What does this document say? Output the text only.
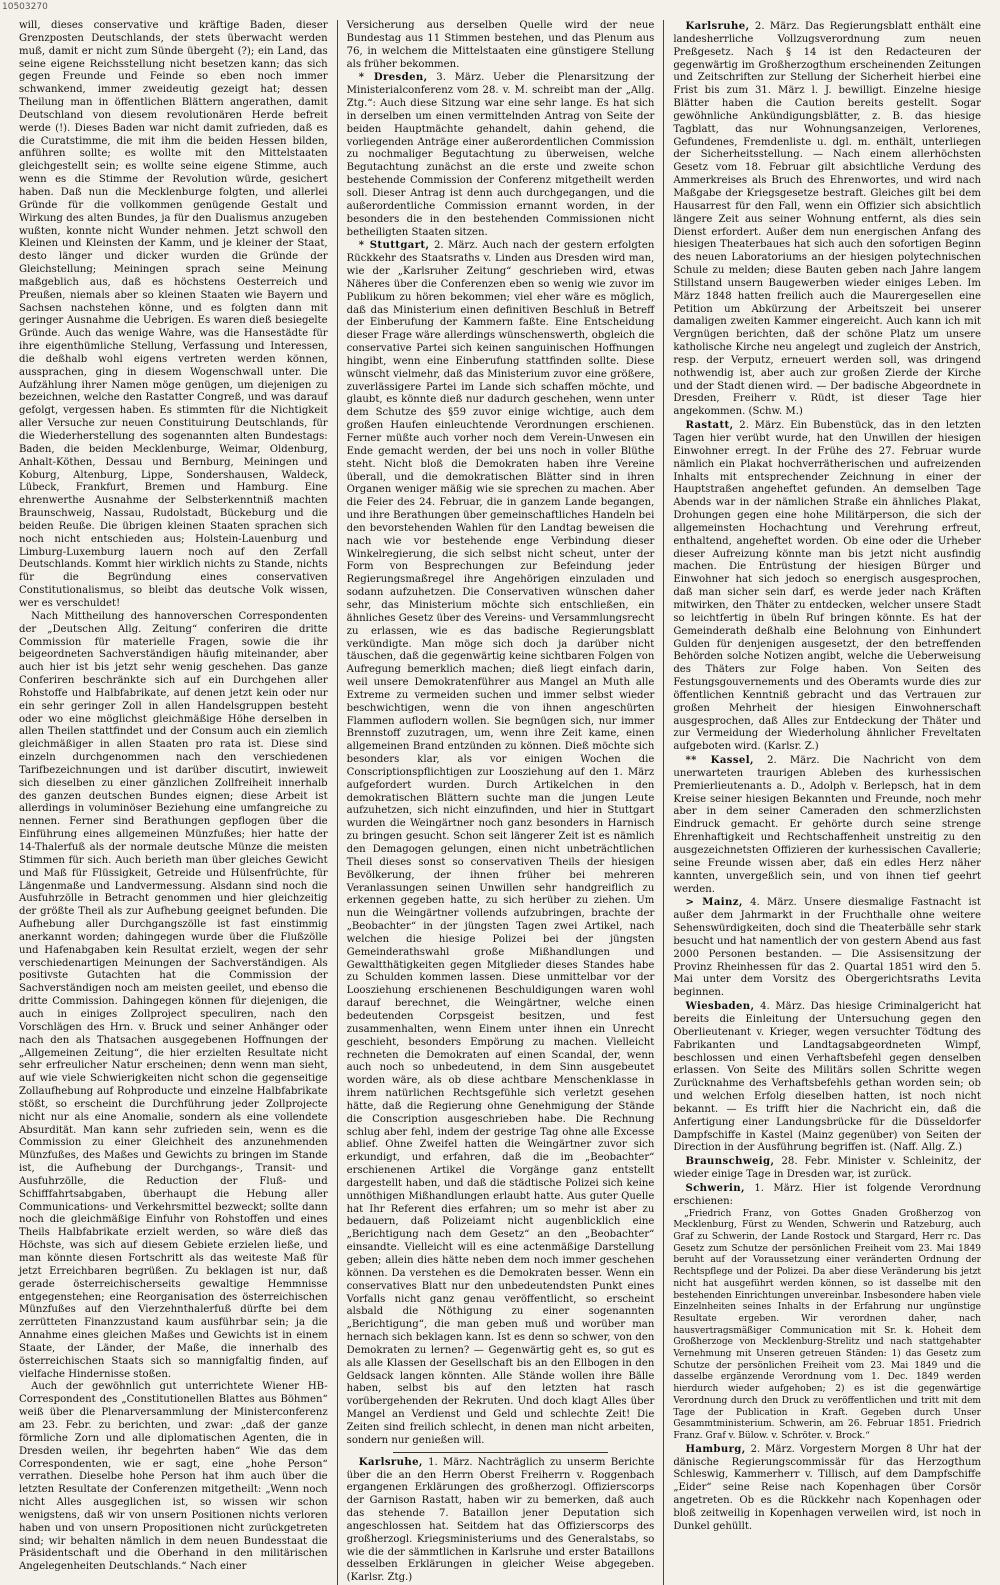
10503270

will, dieses conservative und kräftige Baden, dieser Grenzposten Deutschlands, der stets überwacht werden muß, damit er nicht zum Sünde übergeht (?); ein Land, das seine eigene Reichsstellung nicht besetzen kann; das sich gegen Freunde und Feinde so eben noch immer schwankend, immer zweideutig gezeigt hat; dessen Theilung man in öffentlichen Blättern angerathen, damit Deutschland von diesem revolutionären Herde befreit werde (!). Dieses Baden war nicht damit zufrieden, daß es die Curatstimme, die mit ihm die beiden Hessen bilden, anführen sollte; es wollte mit den Mittelstaaten gleichgestellt sein; es wollte seine eigene Stimme, auch wenn es die Stimme der Revolution würde, gesichert haben. Daß nun die Mecklenburge folgten, und allerlei Gründe für die vollkommen genügende Gestalt und Wirkung des alten Bundes, ja für den Dualismus anzugeben wußten, konnte nicht Wunder nehmen. Jetzt schwoll den Kleinen und Kleinsten der Kamm, und je kleiner der Staat, desto länger und dicker wurden die Gründe der Gleichstellung; Meiningen sprach seine Meinung maßgeblich aus, daß es höchstens Oesterreich und Preußen, niemals aber so kleinen Staaten wie Bayern und Sachsen nachstehen könne, und es folgten dann mit geringer Ausnahme die Uebrigen. Es waren dieß besiegelte Gründe. Auch das wenige Wahre, was die Hansestädte für ihre eigenthümliche Stellung, Verfassung und Interessen, die deßhalb wohl eigens vertreten werden können, aussprachen, ging in diesem Wogenschwall unter. Die Aufzählung ihrer Namen möge genügen, um diejenigen zu bezeichnen, welche den Rastatter Congreß, und was darauf gefolgt, vergessen haben. Es stimmten für die Nichtigkeit aller Versuche zur neuen Constituirung Deutschlands, für die Wiederherstellung des sogenannten alten Bundestags: Baden, die beiden Mecklenburge, Weimar, Oldenburg, Anhalt-Köthen, Dessau und Bernburg, Meiningen und Koburg, Altenburg, Lippe, Sondershausen, Waldeck, Lübeck, Frankfurt, Bremen und Hamburg. Eine ehrenwerthe Ausnahme der Selbsterkenntniß machten Braunschweig, Nassau, Rudolstadt, Bückeburg und die beiden Reuße. Die übrigen kleinen Staaten sprachen sich noch nicht entschieden aus; Holstein-Lauenburg und Limburg-Luxemburg lauern noch auf den Zerfall Deutschlands. Kommt hier wirklich nichts zu Stande, nichts für die Begründung eines conservativen Constitutionalismus, so bleibt das deutsche Volk wissen, wer es verschuldet!

Nach Mittheilung des hannoverschen Correspondenten der „Deutschen Allg. Zeitung“ conferiren die dritte Commission für materielle Fragen, sowie die ihr beigeordneten Sachverständigen häufig miteinander, aber auch hier ist bis jetzt sehr wenig geschehen. Das ganze Conferiren beschränkte sich auf ein Durchgehen aller Rohstoffe und Halbfabrikate, auf denen jetzt kein oder nur ein sehr geringer Zoll in allen Handelsgruppen besteht oder wo eine möglichst gleichmäßige Höhe derselben in allen Theilen stattfindet und der Consum auch ein ziemlich gleichmäßiger in allen Staaten pro rata ist. Diese sind einzeln durchgenommen nach den verschiedenen Tarifbezeichnungen und ist darüber discutirt, inwieweit sich dieselben zu einer gänzlichen Zollfreiheit innerhalb des ganzen deutschen Bundes eignen; diese Arbeit ist allerdings in voluminöser Beziehung eine umfangreiche zu nennen. Ferner sind Berathungen gepflogen über die Einführung eines allgemeinen Münzfußes; hier hatte der 14-Thalerfuß als der normale deutsche Münze die meisten Stimmen für sich. Auch berieth man über gleiches Gewicht und Maß für Flüssigkeit, Getreide und Hülsenfrüchte, für Längenmaße und Landvermessung. Alsdann sind noch die Ausfuhrzölle in Betracht genommen und hier gleichzeitig der größte Theil als zur Aufhebung geeignet befunden. Die Aufhebung aller Durchgangszölle ist fast einstimmig anerkannt worden; dahingegen wurde über die Flußzölle und Hafenabgaben kein Resultat erzielt, wegen der sehr verschiedenartigen Meinungen der Sachverständigen. Als positivste Gutachten hat die Commission der Sachverständigen noch am meisten geeilet, und ebenso die dritte Commission. Dahingegen können für diejenigen, die auch in einiges Zollproject speculiren, nach den Vorschlägen des Hrn. v. Bruck und seiner Anhänger oder nach den als Thatsachen ausgegebenen Hoffnungen der „Allgemeinen Zeitung“, die hier erzielten Resultate nicht sehr erfreulicher Natur erscheinen; denn wenn man sieht, auf wie viele Schwierigkeiten nicht schon die gegenseitige Zollaufhebung auf Rohproducte und einzelne Halbfabrikate stößt, so erscheint die Durchführung jeder Zollprojecte nicht nur als eine Anomalie, sondern als eine vollendete Absurdität. Man kann sehr zufrieden sein, wenn es die Commission zu einer Gleichheit des anzunehmenden Münzfußes, des Maßes und Gewichts zu bringen im Stande ist, die Aufhebung der Durchgangs-, Transit- und Ausfuhrzölle, die Reduction der Fluß- und Schifffahrtsabgaben, überhaupt die Hebung aller Communications- und Verkehrsmittel bezweckt; sollte dann noch die gleichmäßige Einfuhr von Rohstoffen und eines Theils Halbfabrikate erzielt werden, so wäre dieß das Höchste, was sich auf diesem Gebiete erzielen ließe, und man könnte diesen Fortschritt als das weiteste Maß für jetzt Erreichbaren begrüßen. Zu beklagen ist nur, daß gerade österreichischerseits gewaltige Hemmnisse entgegenstehen; eine Reorganisation des österreichischen Münzfußes auf den Vierzehnthalerfuß dürfte bei dem zerrütteten Finanzzustand kaum ausführbar sein; ja die Annahme eines gleichen Maßes und Gewichts ist in einem Staate, der Länder, der Maße, die innerhalb des österreichischen Staats sich so mannigfaltig finden, auf vielfache Hindernisse stoßen.

Auch der gewöhnlich gut unterrichtete Wiener HB-Correspondent des „Constitutionellen Blattes aus Böhmen“ weiß über die Plenarversammlung der Ministerconferenz am 23. Febr. zu berichten, und zwar: „daß der ganze förmliche Zorn und alle diplomatischen Agenten, die in Dresden weilen, ihr begehrten haben“ Wie das dem Correspondenten, wie er sagt, eine „hohe Person“ verrathen. Dieselbe hohe Person hat ihm auch über die letzten Resultate der Conferenzen mitgetheilt: „Wenn noch nicht Alles ausgeglichen ist, so wissen wir schon wenigstens, daß wir von unsern Positionen nichts verloren haben und von unsern Propositionen nicht zurückgetreten sind; wir behalten nämlich in dem neuen Bundesstaat die Präsidentschaft und die Oberhand in den militärischen Angelegenheiten Deutschlands.“ Nach einer

Versicherung aus derselben Quelle wird der neue Bundestag aus 11 Stimmen bestehen, und das Plenum aus 76, in welchem die Mittelstaaten eine günstigere Stellung als früher bekommen.

* Dresden, 3. März. Ueber die Plenarsitzung der Ministerialconferenz vom 28. v. M. schreibt man der „Allg. Ztg.“: Auch diese Sitzung war eine sehr lange. Es hat sich in derselben um einen vermittelnden Antrag von Seite der beiden Hauptmächte gehandelt, dahin gehend, die vorliegenden Anträge einer außerordentlichen Commission zu nochmaliger Begutachtung zu überweisen, welche Begutachtung zunächst an die erste und zweite schon bestehende Commission der Conferenz mitgetheilt werden soll. Dieser Antrag ist denn auch durchgegangen, und die außerordentliche Commission ernannt worden, in der besonders die in den bestehenden Commissionen nicht betheiligten Staaten sitzen.

* Stuttgart, 2. März. Auch nach der gestern erfolgten Rückkehr des Staatsraths v. Linden aus Dresden wird man, wie der „Karlsruher Zeitung“ geschrieben wird, etwas Näheres über die Conferenzen eben so wenig wie zuvor im Publikum zu hören bekommen; viel eher wäre es möglich, daß das Ministerium einen definitiven Beschluß in Betreff der Einberufung der Kammern faßte. Eine Entscheidung dieser Frage wäre allerdings wünschenswerth, obgleich die conservative Partei sich keinen sanguinischen Hoffnungen hingibt, wenn eine Einberufung stattfinden sollte. Diese wünscht vielmehr, daß das Ministerium zuvor eine größere, zuverlässigere Partei im Lande sich schaffen möchte, und glaubt, es könnte dieß nur dadurch geschehen, wenn unter dem Schutze des §59 zuvor einige wichtige, auch dem großen Haufen einleuchtende Verordnungen erschienen. Ferner müßte auch vorher noch dem Verein-Unwesen ein Ende gemacht werden, der bei uns noch in voller Blüthe steht. Nicht bloß die Demokraten haben ihre Vereine überall, und die demokratischen Blätter sind in ihren Organen weniger mäßig wie sie sprechen zu machen. Aber die Feier des 24. Februar, die in ganzem Lande begangen, und ihre Berathungen über gemeinschaftliches Handeln bei den bevorstehenden Wahlen für den Landtag beweisen die nach wie vor bestehende enge Verbindung dieser Winkelregierung, die sich selbst nicht scheut, unter der Form von Besprechungen zur Befeindung jeder Regierungsmaßregel ihre Angehörigen einzuladen und sodann aufzuhetzen. Die Conservativen wünschen daher sehr, das Ministerium möchte sich entschließen, ein ähnliches Gesetz über des Vereins- und Versammlungsrecht zu erlassen, wie es das badische Regierungsblatt verkündigte. Man möge sich doch ja darüber nicht täuschen, daß die gegenwärtig keine sichtbaren Folgen von Aufregung bemerklich machen; dieß liegt einfach darin, weil unsere Demokratenführer aus Mangel an Muth alle Extreme zu vermeiden suchen und immer selbst wieder beschwichtigen, wenn die von ihnen angeschürten Flammen auflodern wollen. Sie begnügen sich, nur immer Brennstoff zuzutragen, um, wenn ihre Zeit kame, einen allgemeinen Brand entzünden zu können. Dieß möchte sich besonders klar, als vor einigen Wochen die Conscriptionspflichtigen zur Loosziehung auf den 1. März aufgefordert wurden. Durch Artikelchen in den demokratischen Blättern suchte man die jungen Leute aufzuhetzen, sich nicht einzufinden, und hier in Stuttgart wurden die Weingärtner noch ganz besonders in Harnisch zu bringen gesucht. Schon seit längerer Zeit ist es nämlich den Demagogen gelungen, einen nicht unbeträchtlichen Theil dieses sonst so conservativen Theils der hiesigen Bevölkerung, der ihnen früher bei mehreren Veranlassungen seinen Unwillen sehr handgreiflich zu erkennen gegeben hatte, zu sich herüber zu ziehen. Um nun die Weingärtner vollends aufzubringen, brachte der „Beobachter“ in der jüngsten Tagen zwei Artikel, nach welchen die hiesige Polizei bei der jüngsten Gemeinderathswahl große Mißhandlungen und Gewaltthätigkeiten gegen Mitglieder dieses Standes habe zu Schulden kommen lassen. Diese unmittelbar vor der Loosziehung erschienenen Beschuldigungen waren wohl darauf berechnet, die Weingärtner, welche einen bedeutenden Corpsgeist besitzen, und fest zusammenhalten, wenn Einem unter ihnen ein Unrecht geschieht, besonders Empörung zu machen. Vielleicht rechneten die Demokraten auf einen Scandal, der, wenn auch noch so unbedeutend, in dem Sinn ausgebeutet worden wäre, als ob diese achtbare Menschenklasse in ihrem natürlichen Rechtsgefühle sich verletzt gesehen hätte, daß die Regierung ohne Genehmigung der Stände die Conscription ausgeschrieben habe. Die Rechnung schlug aber fehl, indem der gestrige Tag ohne alle Excesse ablief. Ohne Zweifel hatten die Weingärtner zuvor sich erkundigt, und erfahren, daß die im „Beobachter“ erschienenen Artikel die Vorgänge ganz entstellt dargestellt haben, und daß die städtische Polizei sich keine unnöthigen Mißhandlungen erlaubt hatte. Aus guter Quelle hat Ihr Referent dies erfahren; um so mehr ist aber zu bedauern, daß Polizeiamt nicht augenblicklich eine „Berichtigung nach dem Gesetz“ an den „Beobachter“ einsandte. Vielleicht will es eine actenmäßige Darstellung geben; allein dies hätte neben dem noch immer geschehen können. Da verstehen es die Demokraten besser. Wenn ein conservatives Blatt nur den unbedeutendsten Punkt eines Vorfalls nicht ganz genau veröffentlicht, so erscheint alsbald die Nöthigung zu einer sogenannten „Berichtigung“, die man geben muß und worüber man hernach sich beklagen kann. Ist es denn so schwer, von den Demokraten zu lernen? — Gegenwärtig geht es, so gut es als alle Klassen der Gesellschaft bis an den Ellbogen in den Geldsack langen könnten. Alle Stände wollen ihre Bälle haben, selbst bis auf den letzten hat rasch vorübergehenden der Rekruten. Und doch klagt Alles über Mangel an Verdienst und Geld und schlechte Zeit! Die Zeiten sind freilich schlecht, in denen man nicht arbeiten, sondern nur genießen will.

Karlsruhe, 1. März. Nachträglich zu unserm Berichte über die an den Herrn Oberst Freiherrn v. Roggenbach ergangenen Erklärungen des großherzogl. Offizierscorps der Garnison Rastatt, haben wir zu bemerken, daß auch das stehende 7. Bataillon jener Deputation sich angeschlossen hat. Seitdem hat das Offizierscorps des großherzogl. Kriegsministeriums und des Generalstabs, so wie die der sämmtlichen in Karlsruhe und erster Bataillons desselben Erklärungen in gleicher Weise abgegeben. (Karlsr. Ztg.)

Karlsruhe, 2. März. Das Regierungsblatt enthält eine landesherrliche Vollzugsverordnung zum neuen Preßgesetz. Nach § 14 ist den Redacteuren der gegenwärtig im Großherzogthum erscheinenden Zeitungen und Zeitschriften zur Stellung der Sicherheit hierbei eine Frist bis zum 31. März l. J. bewilligt. Einzelne hiesige Blätter haben die Caution bereits gestellt. Sogar gewöhnliche Ankündigungsblätter, z. B. das hiesige Tagblatt, das nur Wohnungsanzeigen, Verlorenes, Gefundenes, Fremdenliste u. dgl. m. enthält, unterliegen der Sicherheitsstellung. — Nach einem allerhöchsten Gesetz vom 18. Februar gilt absichtliche Verdung des Ammerkreises als Bruch des Ehrenwortes, und wird nach Maßgabe der Kriegsgesetze bestraft. Gleiches gilt bei dem Hausarrest für den Fall, wenn ein Offizier sich absichtlich längere Zeit aus seiner Wohnung entfernt, als dies sein Dienst erfordert. Außer dem nun energischen Anfang des hiesigen Theaterbaues hat sich auch den sofortigen Beginn des neuen Laboratoriums an der hiesigen polytechnischen Schule zu melden; diese Bauten geben nach Jahre langem Stillstand unsern Baugewerben wieder einiges Leben. Im März 1848 hatten freilich auch die Maurergesellen eine Petition um Abkürzung der Arbeitszeit bei unserer damaligen zweiten Kammer eingereicht. Auch kann ich mit Vergnügen berichten, daß der schöne Platz um unsere katholische Kirche neu angelegt und zugleich der Anstrich, resp. der Verputz, erneuert werden soll, was dringend nothwendig ist, aber auch zur großen Zierde der Kirche und der Stadt dienen wird. — Der badische Abgeordnete in Dresden, Freiherr v. Rüdt, ist dieser Tage hier angekommen. (Schw. M.)

Rastatt, 2. März. Ein Bubenstück, das in den letzten Tagen hier verübt wurde, hat den Unwillen der hiesigen Einwohner erregt. In der Frühe des 27. Februar wurde nämlich ein Plakat hochverrätherischen und aufreizenden Inhalts mit entsprechender Zeichnung in einer der Hauptstraßen angeheftet gefunden. An demselben Tage Abends war in der nämlichen Straße ein ähnliches Plakat, Drohungen gegen eine hohe Militärperson, die sich der allgemeinsten Hochachtung und Verehrung erfreut, enthaltend, angeheftet worden. Ob eine oder die Urheber dieser Aufreizung könnte man bis jetzt nicht ausfindig machen. Die Entrüstung der hiesigen Bürger und Einwohner hat sich jedoch so energisch ausgesprochen, daß man sicher sein darf, es werde jeder nach Kräften mitwirken, den Thäter zu entdecken, welcher unsere Stadt so leichtfertig in übeln Ruf bringen könnte. Es hat der Gemeinderath deßhalb eine Belohnung von Einhundert Gulden für denjenigen ausgesetzt, der den betreffenden Behörden solche Notizen angibt, welche die Ueberweisung des Thäters zur Folge haben. Von Seiten des Festungsgouvernements und des Oberamts wurde dies zur öffentlichen Kenntniß gebracht und das Vertrauen zur großen Mehrheit der hiesigen Einwohnerschaft ausgesprochen, daß Alles zur Entdeckung der Thäter und zur Vermeidung der Wiederholung ähnlicher Freveltaten aufgeboten wird. (Karlsr. Z.)

** Kassel, 2. März. Die Nachricht von dem unerwarteten traurigen Ableben des kurhessischen Premierlieutenants a. D., Adolph v. Berlepsch, hat in dem Kreise seiner hiesigen Bekannten und Freunde, noch mehr aber in dem seiner Cameraden den schmerzlichsten Eindruck gemacht. Er gehörte durch seine strenge Ehrenhaftigkeit und Rechtschaffenheit unstreitig zu den ausgezeichnetsten Offizieren der kurhessischen Cavallerie; seine Freunde wissen aber, daß ein edles Herz näher kannten, unvergeßlich sein, und von ihnen tief geehrt werden.

> Mainz, 4. März. Unsere diesmalige Fastnacht ist außer dem Jahrmarkt in der Fruchthalle ohne weitere Sehenswürdigkeiten, doch sind die Theaterbälle sehr stark besucht und hat namentlich der von gestern Abend aus fast 2000 Personen bestanden. — Die Assisensitzung der Provinz Rheinhessen für das 2. Quartal 1851 wird den 5. Mai unter dem Vorsitz des Obergerichtsraths Levita beginnen.

Wiesbaden, 4. März. Das hiesige Criminalgericht hat bereits die Einleitung der Untersuchung gegen den Oberlieutenant v. Krieger, wegen versuchter Tödtung des Fabrikanten und Landtagsabgeordneten Wimpf, beschlossen und einen Verhaftsbefehl gegen denselben erlassen. Von Seite des Militärs sollen Schritte wegen Zurücknahme des Verhaftsbefehls gethan worden sein; ob und welchen Erfolg dieselben hatten, ist noch nicht bekannt. — Es trifft hier die Nachricht ein, daß die Anfertigung einer Landungsbrücke für die Düsseldorfer Dampfschiffe in Kastel (Mainz gegenüber) von Seiten der Direction in der Ausführung begriffen ist. (Naff. Allg. Z.)

Braunschweig, 28. Febr. Minister v. Schleinitz, der wieder einige Tage in Dresden war, ist zurück.

Schwerin, 1. März. Hier ist folgende Verordnung erschienen:

„Friedrich Franz, von Gottes Gnaden Großherzog von Mecklenburg, Fürst zu Wenden, Schwerin und Ratzeburg, auch Graf zu Schwerin, der Lande Rostock und Stargard, Herr rc. Das Gesetz zum Schutze der persönlichen Freiheit vom 23. Mai 1849 beruht auf der Voraussetzung einer veränderten Ordnung der Rechtspflege und der Polizei. Da aber diese Veränderung bis jetzt nicht hat ausgeführt werden können, so ist dasselbe mit den bestehenden Einrichtungen unvereinbar. Insbesondere haben viele Einzelnheiten seines Inhalts in der Erfahrung nur ungünstige Resultate ergeben. Wir verordnen daher, nach hausvertragsmäßiger Communication mit Sr. k. Hoheit dem Großherzoge von Mecklenburg-Strelitz und nach stattgehabter Vernehmung mit Unseren getreuen Ständen: 1) das Gesetz zum Schutze der persönlichen Freiheit vom 23. Mai 1849 und die dasselbe ergänzende Verordnung vom 1. Dec. 1849 werden hierdurch wieder aufgehoben; 2) es ist die gegenwärtige Verordnung durch den Druck zu veröffentlichen und tritt mit dem Tage der Publication in Kraft. Gegeben durch Unser Gesammtministerium. Schwerin, am 26. Februar 1851. Friedrich Franz. Graf v. Bülow. v. Schröter. v. Brock.“

Hamburg, 2. März. Vorgestern Morgen 8 Uhr hat der dänische Regierungscommissär für das Herzogthum Schleswig, Kammerherr v. Tillisch, auf dem Dampfschiffe „Eider“ seine Reise nach Kopenhagen über Corsör angetreten. Ob es die Rückkehr nach Kopenhagen oder bloß zeitweilig in Kopenhagen verweilen wird, ist noch in Dunkel gehüllt.
